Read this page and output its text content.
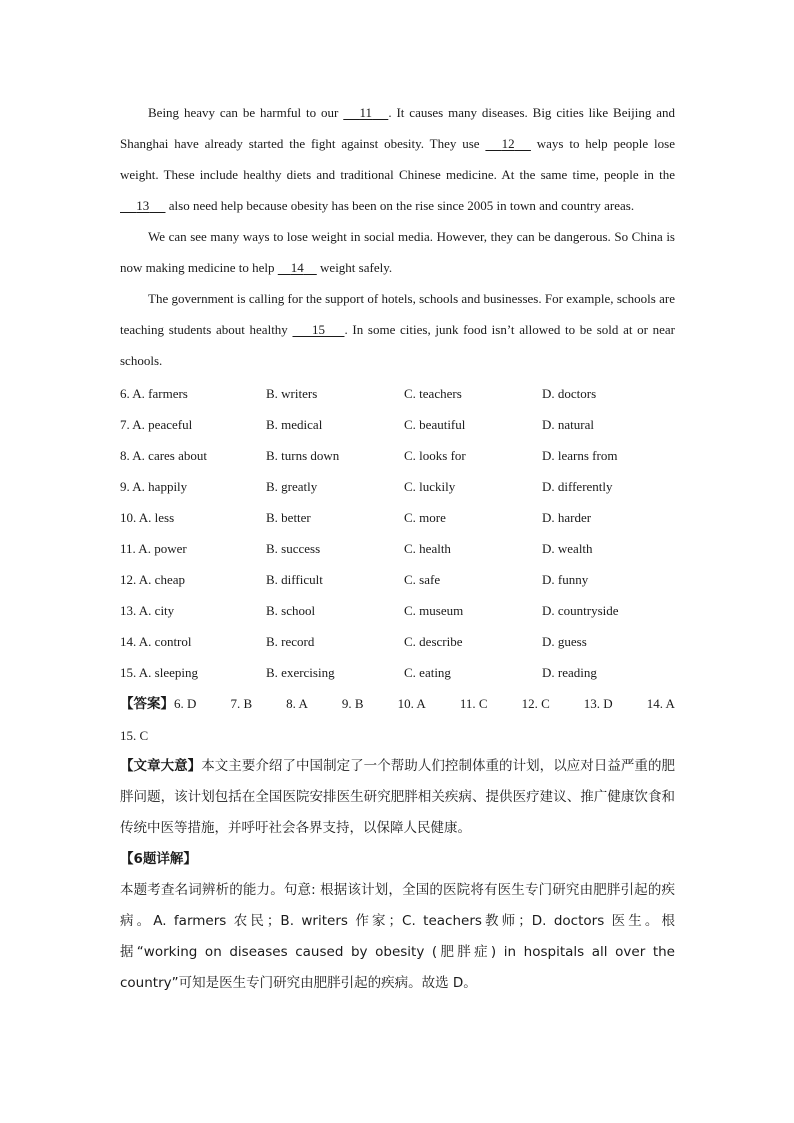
Being heavy can be harmful to our      11 . It causes many diseases. Big cities like Beijing and Shanghai have already started the fight against obesity. They use      12      ways to help people lose weight. These include healthy diets and traditional Chinese medicine. At the same time, people in the      13      also need help because obesity has been on the rise since 2005 in town and country areas.

We can see many ways to lose weight in social media. However, they can be dangerous. So China is now making medicine to help     14     weight safely.

The government is calling for the support of hotels, schools and businesses. For example, schools are teaching students about healthy       15 . In some cities, junk food isn’t allowed to be sold at or near schools.

6. A. farmers	B. writers	C. teachers	D. doctors
7. A. peaceful	B. medical	C. beautiful	D. natural
8. A. cares about	B. turns down	C. looks for	D. learns from
9. A. happily	B. greatly	C. luckily	D. differently
10. A. less	B. better	C. more	D. harder
11. A. power	B. success	C. health	D. wealth
12. A. cheap	B. difficult	C. safe	D. funny
13. A. city	B. school	C. museum	D. countryside
14. A. control	B. record	C. describe	D. guess
15. A. sleeping	B. exercising	C. eating	D. reading
【答案】6. D	7. B	8. A	9. B	10. A	11. C	12. C	13. D	14. A
15. C

【文章大意】本文主要介绍了中国制定了一个帮助人们控制体重的计划，以应对日益严重的肥胖问题，该计划包括在全国医院安排医生研究肥胖相关疾病、提供医疗建议、推广健康饮食和传统中医等措施，并呼吁社会各界支持，以保障人民健康。

【6题详解】

本题考查名词辨析的能力。句意: 根据该计划，全国的医院将有医生专门研究由肥胖引起的疾病。A. farmers 农民；B. writers 作家；C. teachers教师；D. doctors 医生。根据“working on diseases caused by obesity (肥胖症) in hospitals all over the country”可知是医生专门研究由肥胖引起的疾病。故选 D。
